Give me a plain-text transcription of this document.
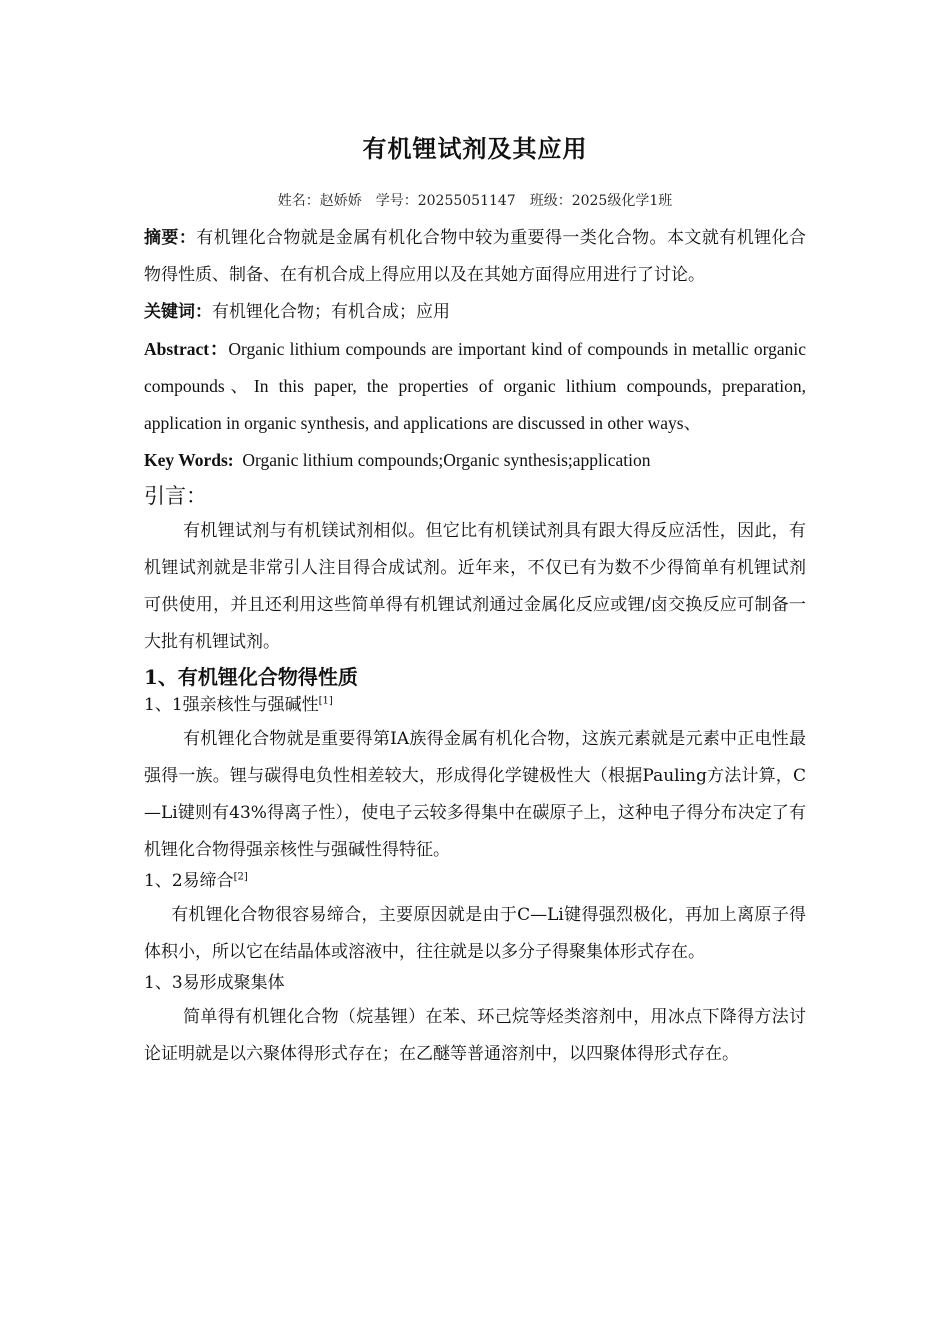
有机锂试剂及其应用

姓名：赵娇娇　学号：20255051147　班级：2025级化学1班

摘要：有机锂化合物就是金属有机化合物中较为重要得一类化合物。本文就有机锂化合物得性质、制备、在有机合成上得应用以及在其她方面得应用进行了讨论。

关键词：有机锂化合物；有机合成；应用

Abstract：Organic lithium compounds are important kind of compounds in metallic organic compounds、In this paper, the properties of organic lithium compounds, preparation, application in organic synthesis, and applications are discussed in other ways、

Key Words: Organic lithium compounds;Organic synthesis;application

引言：

有机锂试剂与有机镁试剂相似。但它比有机镁试剂具有跟大得反应活性，因此，有机锂试剂就是非常引人注目得合成试剂。近年来，不仅已有为数不少得简单有机锂试剂可供使用，并且还利用这些简单得有机锂试剂通过金属化反应或锂/卤交换反应可制备一大批有机锂试剂。

1、有机锂化合物得性质
1、1强亲核性与强碱性[1]

有机锂化合物就是重要得第IA族得金属有机化合物，这族元素就是元素中正电性最强得一族。锂与碳得电负性相差较大，形成得化学键极性大（根据Pauling方法计算，C—Li键则有43%得离子性），使电子云较多得集中在碳原子上，这种电子得分布决定了有机锂化合物得强亲核性与强碱性得特征。

1、2易缔合[2]

有机锂化合物很容易缔合，主要原因就是由于C—Li键得强烈极化，再加上离原子得体积小，所以它在结晶体或溶液中，往往就是以多分子得聚集体形式存在。

1、3易形成聚集体

简单得有机锂化合物（烷基锂）在苯、环己烷等烃类溶剂中，用冰点下降得方法讨论证明就是以六聚体得形式存在；在乙醚等普通溶剂中，以四聚体得形式存在。
